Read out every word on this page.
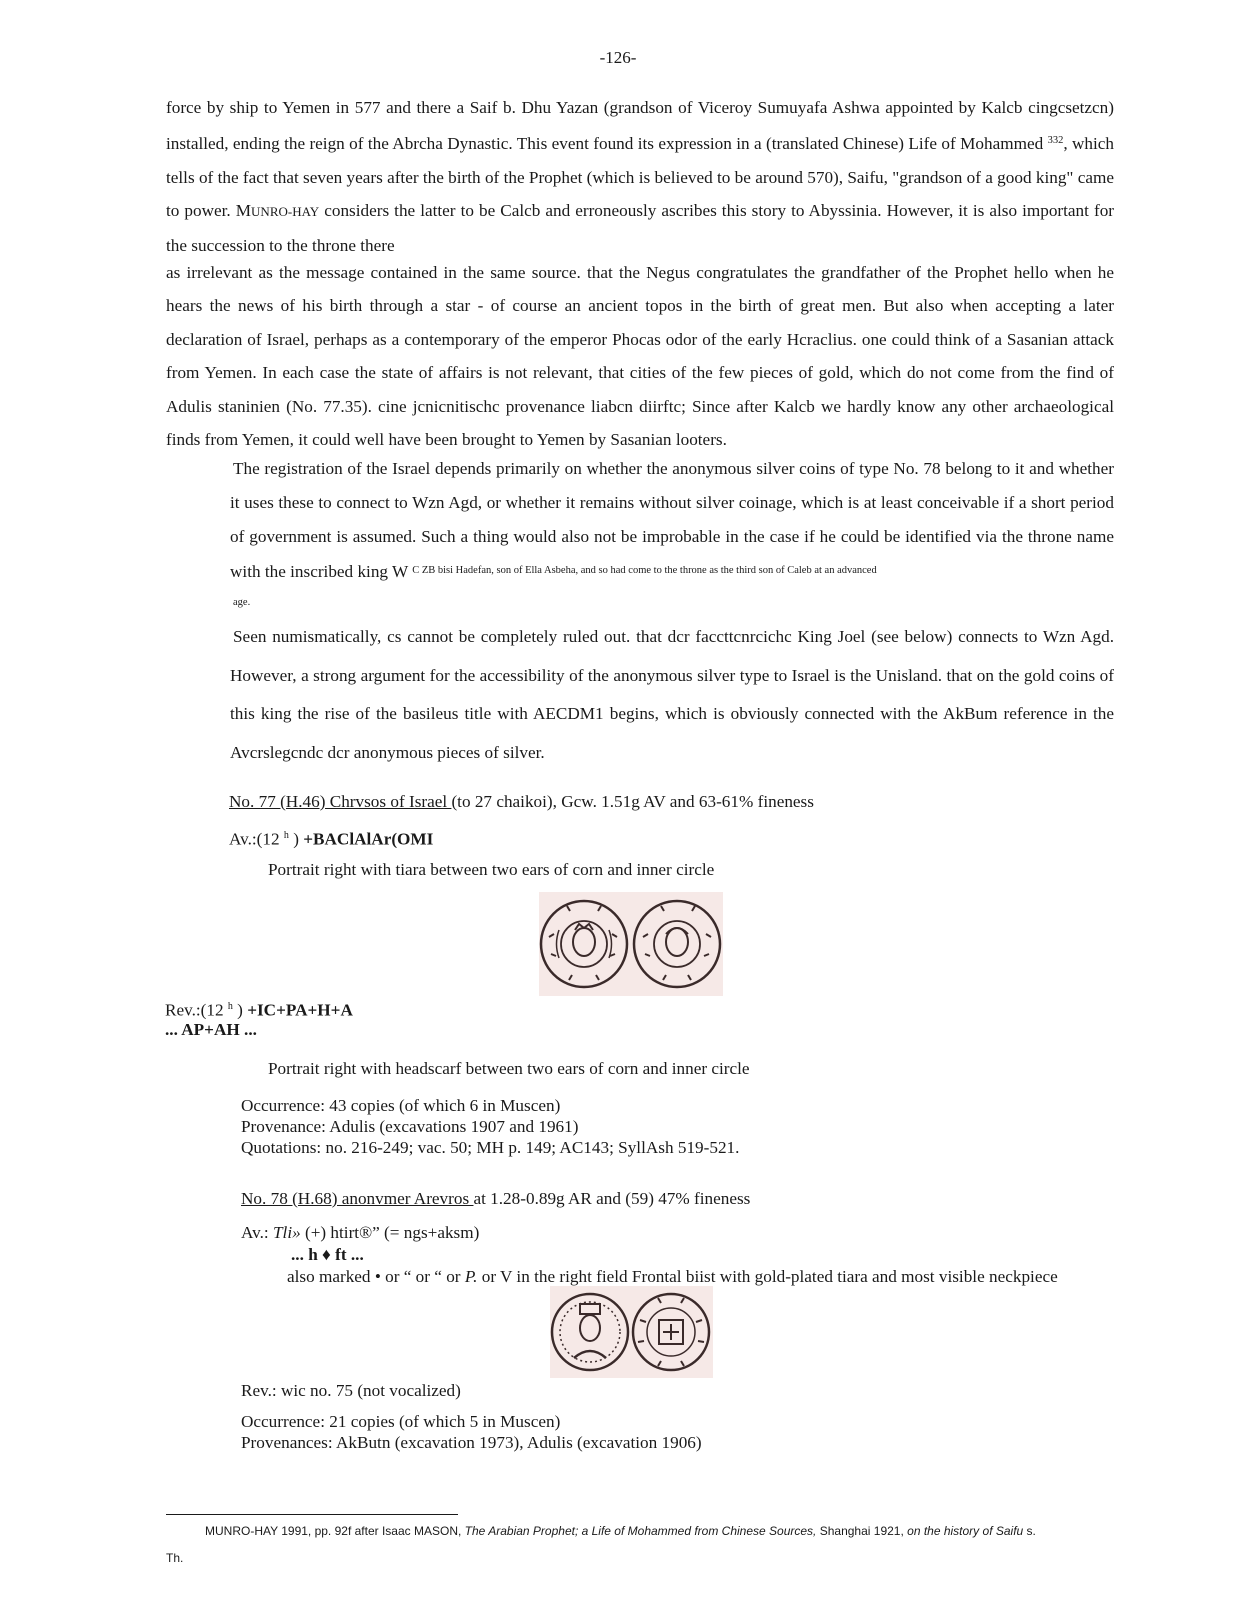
-126-
force by ship to Yemen in 577 and there a Saif b. Dhu Yazan (grandson of Viceroy Sumuyafa Ashwa appointed by Kalcb cingcsetzcn) installed, ending the reign of the Abrcha Dynastic. This event found its expression in a (translated Chinese) Life of Mohammed $^{332}$, which tells of the fact that seven years after the birth of the Prophet (which is believed to be around 570), Saifu, "grandson of a good king" came to power. MUNRO-HAY considers the latter to be Calcb and erroneously ascribes this story to Abyssinia. However, it is also important for the succession to the throne there
as irrelevant as the message contained in the same source. that the Negus congratulates the grandfather of the Prophet hello when he hears the news of his birth through a star - of course an ancient topos in the birth of great men. But also when accepting a later declaration of Israel, perhaps as a contemporary of the emperor Phocas odor of the early Hcraclius. one could think of a Sasanian attack from Yemen. In each case the state of affairs is not relevant, that cities of the few pieces of gold, which do not come from the find of Adulis staninien (No. 77.35). cine jcnicnitischc provenance liabcn diirftc; Since after Kalcb we hardly know any other archaeological finds from Yemen, it could well have been brought to Yemen by Sasanian looters.
The registration of the Israel depends primarily on whether the anonymous silver coins of type No. 78 belong to it and whether it uses these to connect to Wzn Agd, or whether it remains without silver coinage, which is at least conceivable if a short period of government is assumed. Such a thing would also not be improbable in the case if he could be identified via the throne name with the inscribed king W $^{C ZB bisi Hadefan, son of Ella Asbeha, and so had come to the throne as the third son of Caleb at an advanced}$
age.
Seen numismatically, cs cannot be completely ruled out. that dcr faccttcnrcichc King Joel (see below) connects to Wzn Agd. However, a strong argument for the accessibility of the anonymous silver type to Israel is the Unisland. that on the gold coins of this king the rise of the basileus title with AECDM1 begins, which is obviously connected with the AkBum reference in the Avcrslegcndc dcr anonymous pieces of silver.
No. 77 (H.46) Chrvsos of Israel (to 27 chaikoi), Gcw. 1.51g AV and 63-61% fineness
Av.:(12 $^h$ ) +BAClAlAr(OMI
Portrait right with tiara between two ears of corn and inner circle
Rev.:(12 $^h$ ) +IC+PA+H+A
... AP+AH ...
Portrait right with headscarf between two ears of corn and inner circle
Occurrence: 43 copies (of which 6 in Muscen)
Provenance: Adulis (excavations 1907 and 1961)
Quotations: no. 216-249; vac. 50; MH p. 149; AC143; SyllAsh 519-521.
No. 78 (H.68) anonvmer Arevros at 1.28-0.89g AR and (59) 47% fineness
Av.: Tli» (+) htirt®” (= ngs+aksm)
... h ♦ ft ...
also marked • or “ or “ or P. or V in the right field Frontal biist with gold-plated tiara and most visible neckpiece
Rev.: wic no. 75 (not vocalized)
Occurrence: 21 copies (of which 5 in Muscen)
Provenances: AkButn (excavation 1973), Adulis (excavation 1906)
MUNRO-HAY 1991, pp. 92f after Isaac MASON, The Arabian Prophet; a Life of Mohammed from Chinese Sources, Shanghai 1921, on the history of Saifu s.
Th.
